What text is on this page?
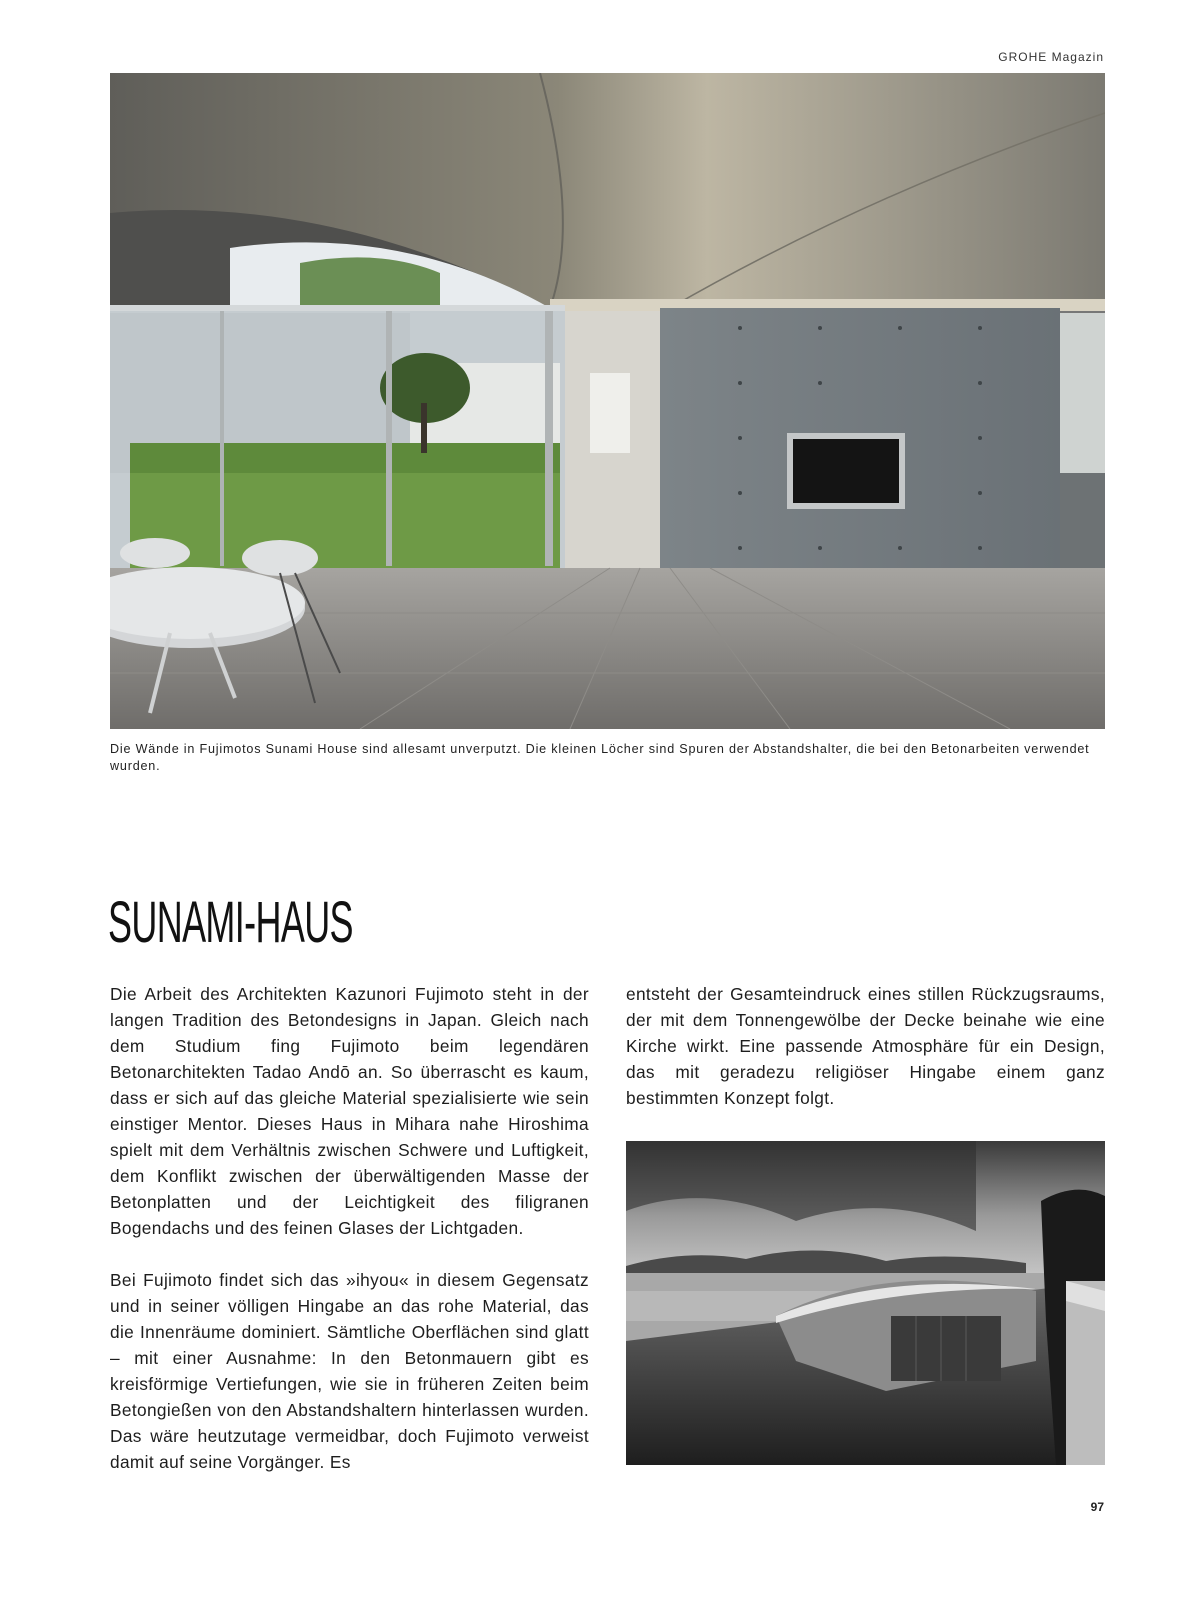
GROHE Magazin
Die Wände in Fujimotos Sunami House sind allesamt unverputzt. Die kleinen Löcher sind Spuren der Abstandshalter, die bei den Betonarbeiten verwendet wurden.
SUNAMI-HAUS

Die Arbeit des Architekten Kazunori Fujimoto steht in der langen Tradition des Betondesigns in Japan. Gleich nach dem Studium fing Fujimoto beim legendären Betonarchitekten Tadao Andō an. So überrascht es kaum, dass er sich auf das gleiche Material spezialisierte wie sein einstiger Mentor. Dieses Haus in Mihara nahe Hiroshima spielt mit dem Verhältnis zwischen Schwere und Luftigkeit, dem Konflikt zwischen der überwältigenden Masse der Betonplatten und der Leichtigkeit des filigranen Bogendachs und des feinen Glases der Lichtgaden.

Bei Fujimoto findet sich das »ihyou« in diesem Gegensatz und in seiner völligen Hingabe an das rohe Material, das die Innenräume dominiert. Sämtliche Oberflächen sind glatt – mit einer Ausnahme: In den Betonmauern gibt es kreisförmige Vertiefungen, wie sie in früheren Zeiten beim Betongießen von den Abstandshaltern hinterlassen wurden. Das wäre heutzutage vermeidbar, doch Fujimoto verweist damit auf seine Vorgänger. Es

entsteht der Gesamteindruck eines stillen Rückzugsraums, der mit dem Tonnengewölbe der Decke beinahe wie eine Kirche wirkt. Eine passende Atmosphäre für ein Design, das mit geradezu religiöser Hingabe einem ganz bestimmten Konzept folgt.

97
